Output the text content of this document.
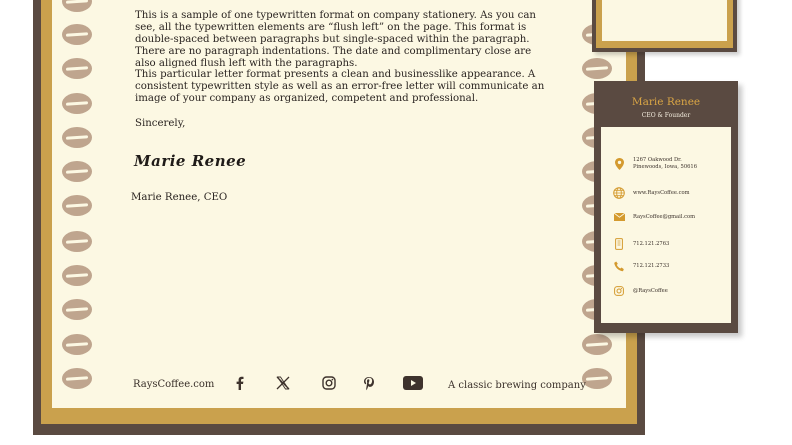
This is a sample of one typewritten format on company stationery. As you can see, all the typewritten elements are “flush left” on the page. This format is double-spaced between paragraphs but single-spaced within the paragraph. There are no paragraph indentations. The date and complimentary close are also aligned flush left with the paragraphs.

This particular letter format presents a clean and businesslike appearance. A consistent typewritten style as well as an error-free letter will communicate an image of your company as organized, competent and professional.

Sincerely,
Marie Renee
Marie Renee, CEO
RaysCoffee.com	A classic brewing company
Marie Renee
CEO & Founder
1267 Oakwood Dr.
Pinewoods, Iowa, 50616
www.RaysCoffee.com
RaysCoffee@gmail.com
712.121.2763
712.121.2733
@RaysCoffee
